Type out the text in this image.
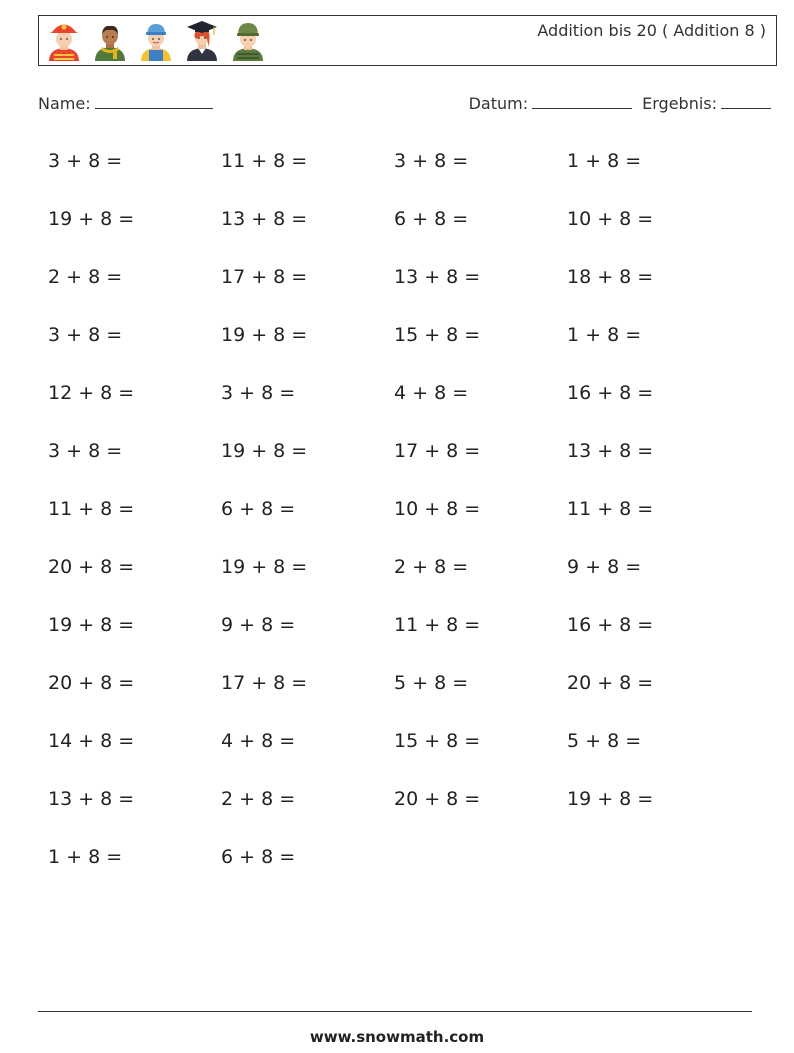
Addition bis 20 ( Addition 8 )
Name:	Datum:	Ergebnis:
3 + 8 =	11 + 8 =	3 + 8 =	1 + 8 =
19 + 8 =	13 + 8 =	6 + 8 =	10 + 8 =
2 + 8 =	17 + 8 =	13 + 8 =	18 + 8 =
3 + 8 =	19 + 8 =	15 + 8 =	1 + 8 =
12 + 8 =	3 + 8 =	4 + 8 =	16 + 8 =
3 + 8 =	19 + 8 =	17 + 8 =	13 + 8 =
11 + 8 =	6 + 8 =	10 + 8 =	11 + 8 =
20 + 8 =	19 + 8 =	2 + 8 =	9 + 8 =
19 + 8 =	9 + 8 =	11 + 8 =	16 + 8 =
20 + 8 =	17 + 8 =	5 + 8 =	20 + 8 =
14 + 8 =	4 + 8 =	15 + 8 =	5 + 8 =
13 + 8 =	2 + 8 =	20 + 8 =	19 + 8 =
1 + 8 =	6 + 8 =
www.snowmath.com
